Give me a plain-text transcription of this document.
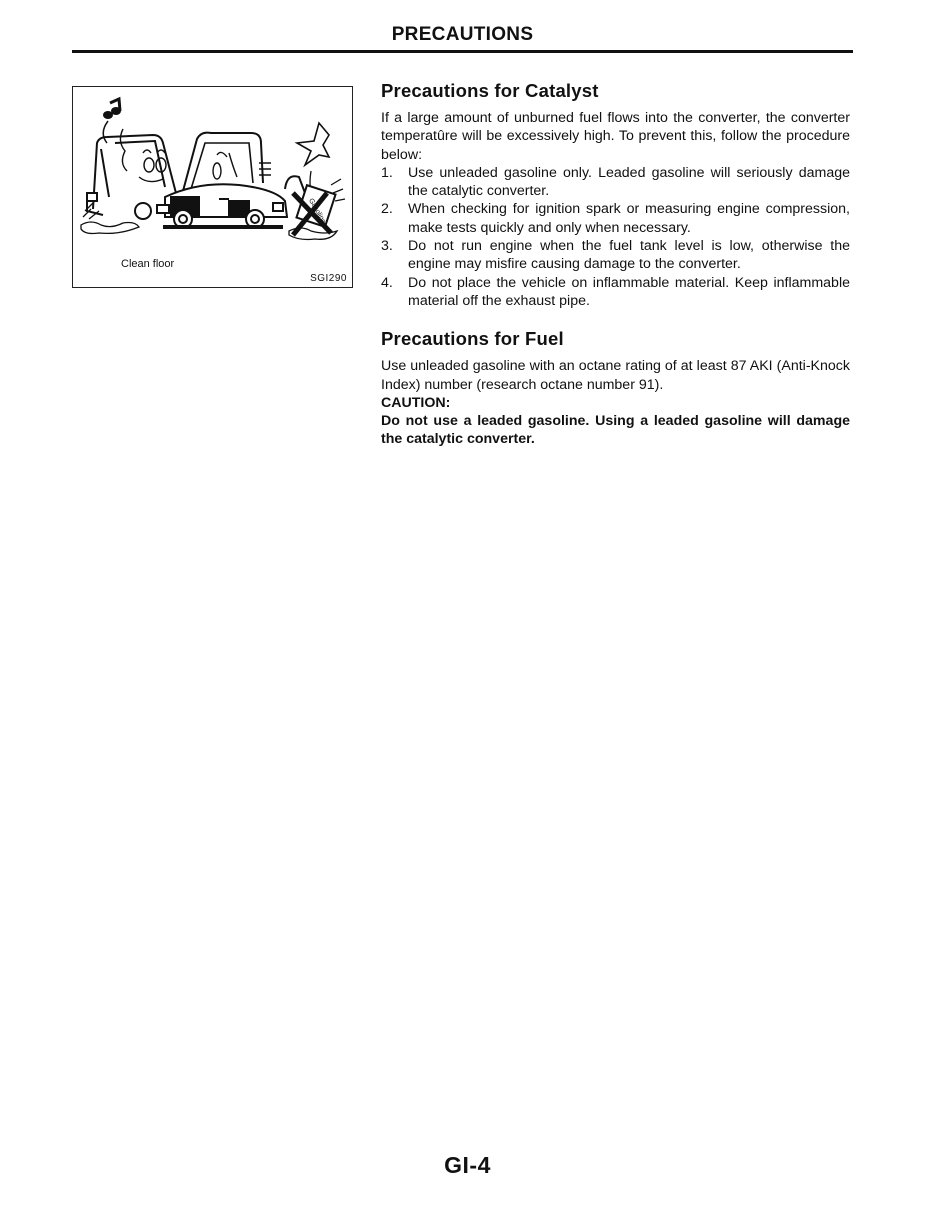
PRECAUTIONS
Gasoline
Clean floor
SGI290
Precautions for Catalyst

If a large amount of unburned fuel flows into the converter, the converter temperatûre will be excessively high. To prevent this, follow the procedure below:

1. Use unleaded gasoline only. Leaded gasoline will seriously damage the catalytic converter.
2. When checking for ignition spark or measuring engine compression, make tests quickly and only when necessary.
3. Do not run engine when the fuel tank level is low, otherwise the engine may misfire causing damage to the converter.
4. Do not place the vehicle on inflammable material. Keep inflammable material off the exhaust pipe.
Precautions for Fuel

Use unleaded gasoline with an octane rating of at least 87 AKI (Anti-Knock Index) number (research octane number 91).

CAUTION:
Do not use a leaded gasoline. Using a leaded gasoline will damage the catalytic converter.
GI-4
